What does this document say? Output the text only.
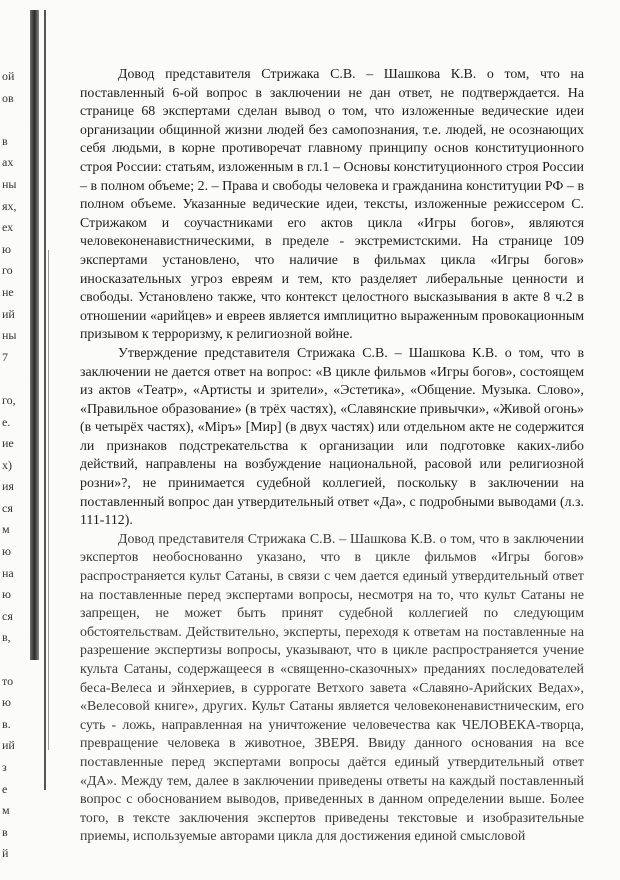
ой
ов
в
ах
ны
ях,
ех
ю
го
не
ий
ны
7
го,
е.
ие
х)
ия
ся
м
ю
на
ю
ся
в,
то
ю
в.
ий
з
е
м
в
й

Довод представителя Стрижака С.В. – Шашкова К.В. о том, что на поставленный 6-ой вопрос в заключении не дан ответ, не подтверждается. На странице 68 экспертами сделан вывод о том, что изложенные ведические идеи организации общинной жизни людей без самопознания, т.е. людей, не осознающих себя людьми, в корне противоречат главному принципу основ конституционного строя России: статьям, изложенным в гл.1 – Основы конституционного строя России – в полном объеме; 2. – Права и свободы человека и гражданина конституции РФ – в полном объеме. Указанные ведические идеи, тексты, изложенные режиссером С. Стрижаком и соучастниками его актов цикла «Игры богов», являются человеконенавистническими, в пределе - экстремистскими. На странице 109 экспертами установлено, что наличие в фильмах цикла «Игры богов» иносказательных угроз евреям и тем, кто разделяет либеральные ценности и свободы. Установлено также, что контекст целостного высказывания в акте 8 ч.2 в отношении «арийцев» и евреев является имплицитно выраженным провокационным призывом к терроризму, к религиозной войне.

Утверждение представителя Стрижака С.В. – Шашкова К.В. о том, что в заключении не дается ответ на вопрос: «В цикле фильмов «Игры богов», состоящем из актов «Театр», «Артисты и зрители», «Эстетика», «Общение. Музыка. Слово», «Правильное образование» (в трёх частях), «Славянские привычки», «Живой огонь» (в четырёх частях), «Міръ» [Мир] (в двух частях) или отдельном акте не содержится ли признаков подстрекательства к организации или подготовке каких-либо действий, направлены на возбуждение национальной, расовой или религиозной розни»?, не принимается судебной коллегией, поскольку в заключении на поставленный вопрос дан утвердительный ответ «Да», с подробными выводами (л.з. 111-112).

Довод представителя Стрижака С.В. – Шашкова К.В. о том, что в заключении экспертов необоснованно указано, что в цикле фильмов «Игры богов» распространяется культ Сатаны, в связи с чем дается единый утвердительный ответ на поставленные перед экспертами вопросы, несмотря на то, что культ Сатаны не запрещен, не может быть принят судебной коллегией по следующим обстоятельствам. Действительно, эксперты, переходя к ответам на поставленные на разрешение экспертизы вопросы, указывают, что в цикле распространяется учение культа Сатаны, содержащееся в «священно-сказочных» преданиях последователей беса-Велеса и эйнхериев, в суррогате Ветхого завета «Славяно-Арийских Ведах», «Велесовой книге», других. Культ Сатаны является человеконенавистническим, его суть - ложь, направленная на уничтожение человечества как ЧЕЛОВЕКА-творца, превращение человека в животное, ЗВЕРЯ. Ввиду данного основания на все поставленные перед экспертами вопросы даётся единый утвердительный ответ «ДА». Между тем, далее в заключении приведены ответы на каждый поставленный вопрос с обоснованием выводов, приведенных в данном определении выше. Более того, в тексте заключения экспертов приведены текстовые и изобразительные приемы, используемые авторами цикла для достижения единой смысловой
